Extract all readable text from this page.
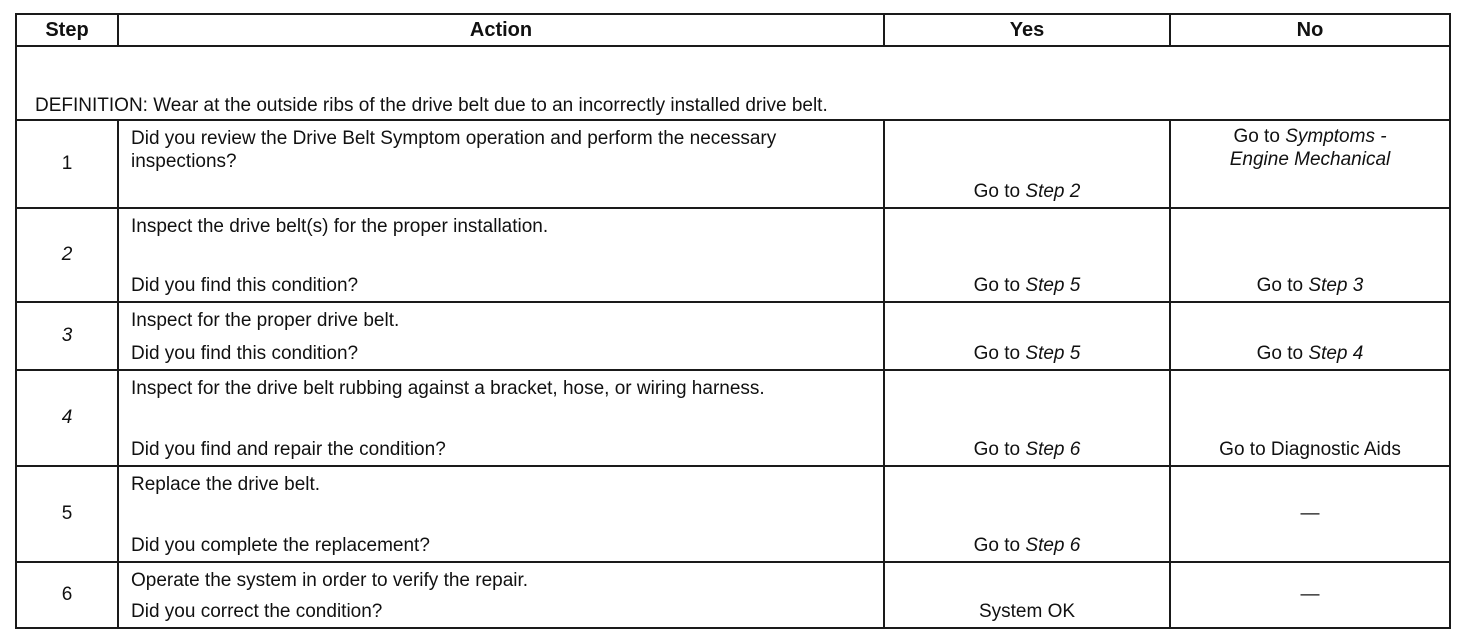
Step	Action	Yes	No

DEFINITION: Wear at the outside ribs of the drive belt due to an incorrectly installed drive belt.			

1	Did you review the Drive Belt Symptom operation and perform the necessary inspections?	Go to Step 2	Go to Symptoms -
Engine Mechanical

2	Inspect the drive belt(s) for the proper installation.
Did you find this condition?	Go to Step 5	Go to Step 3

3	Inspect for the proper drive belt.
Did you find this condition?	Go to Step 5	Go to Step 4

4	Inspect for the drive belt rubbing against a bracket, hose, or wiring harness.
Did you find and repair the condition?	Go to Step 6	Go to Diagnostic Aids

5	Replace the drive belt.
Did you complete the replacement?	Go to Step 6	—

6	Operate the system in order to verify the repair.
Did you correct the condition?	System OK	—
